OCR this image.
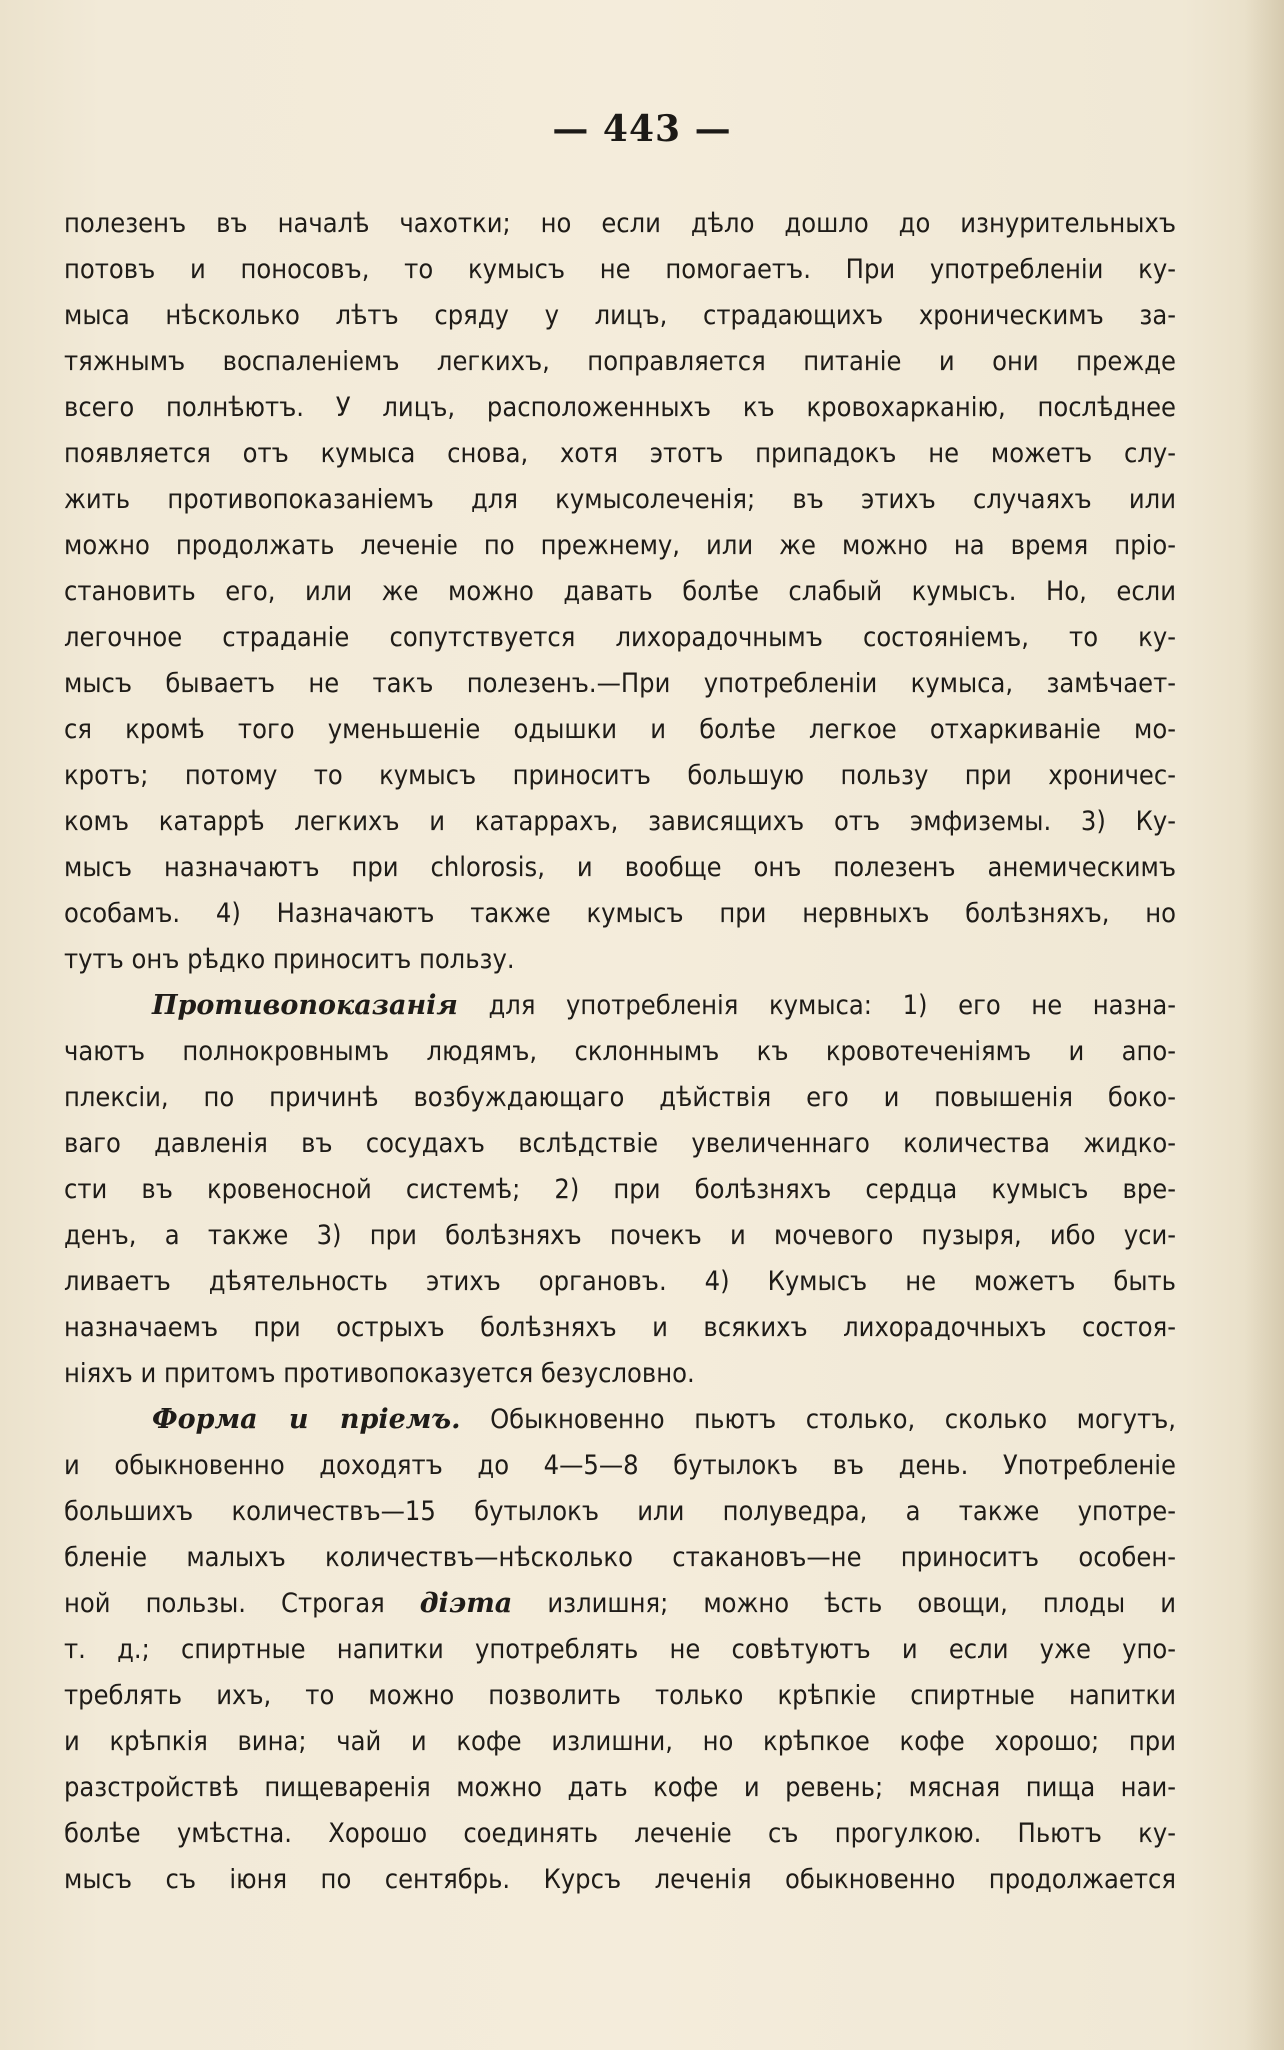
— 443 —
полезенъ въ началѣ чахотки; но если дѣло дошло до изнурительныхъ
потовъ и поносовъ, то кумысъ не помогаетъ. При употребленіи ку-
мыса нѣсколько лѣтъ сряду у лицъ, страдающихъ хроническимъ за-
тяжнымъ воспаленіемъ легкихъ, поправляется питаніе и они прежде
всего полнѣютъ. У лицъ, расположенныхъ къ кровохарканію, послѣднее
появляется отъ кумыса снова, хотя этотъ припадокъ не можетъ слу-
жить противопоказаніемъ для кумысолеченія; въ этихъ случаяхъ или
можно продолжать леченіе по прежнему, или же можно на время пріо-
становить его, или же можно давать болѣе слабый кумысъ. Но, если
легочное страданіе сопутствуется лихорадочнымъ состояніемъ, то ку-
мысъ бываетъ не такъ полезенъ.—При употребленіи кумыса, замѣчает-
ся кромѣ того уменьшеніе одышки и болѣе легкое отхаркиваніе мо-
кротъ; потому то кумысъ приноситъ большую пользу при хроничес-
комъ катаррѣ легкихъ и катаррахъ, зависящихъ отъ эмфиземы. 3) Ку-
мысъ назначаютъ при chlorosis, и вообще онъ полезенъ анемическимъ
особамъ. 4) Назначаютъ также кумысъ при нервныхъ болѣзняхъ, но
тутъ онъ рѣдко приноситъ пользу.
Противопоказанія для употребленія кумыса: 1) его не назна-
чаютъ полнокровнымъ людямъ, склоннымъ къ кровотеченіямъ и апо-
плексіи, по причинѣ возбуждающаго дѣйствія его и повышенія боко-
ваго давленія въ сосудахъ вслѣдствіе увеличеннаго количества жидко-
сти въ кровеносной системѣ; 2) при болѣзняхъ сердца кумысъ вре-
денъ, а также 3) при болѣзняхъ почекъ и мочевого пузыря, ибо уси-
ливаетъ дѣятельность этихъ органовъ. 4) Кумысъ не можетъ быть
назначаемъ при острыхъ болѣзняхъ и всякихъ лихорадочныхъ состоя-
ніяхъ и притомъ противопоказуется безусловно.
Форма и пріемъ. Обыкновенно пьютъ столько, сколько могутъ,
и обыкновенно доходятъ до 4—5—8 бутылокъ въ день. Употребленіе
большихъ количествъ—15 бутылокъ или полуведра, а также употре-
бленіе малыхъ количествъ—нѣсколько стакановъ—не приноситъ особен-
ной пользы. Строгая діэта излишня; можно ѣсть овощи, плоды и
т. д.; спиртные напитки употреблять не совѣтуютъ и если уже упо-
треблять ихъ, то можно позволить только крѣпкіе спиртные напитки
и крѣпкія вина; чай и кофе излишни, но крѣпкое кофе хорошо; при
разстройствѣ пищеваренія можно дать кофе и ревень; мясная пища наи-
болѣе умѣстна. Хорошо соединять леченіе съ прогулкою. Пьютъ ку-
мысъ съ іюня по сентябрь. Курсъ леченія обыкновенно продолжается
